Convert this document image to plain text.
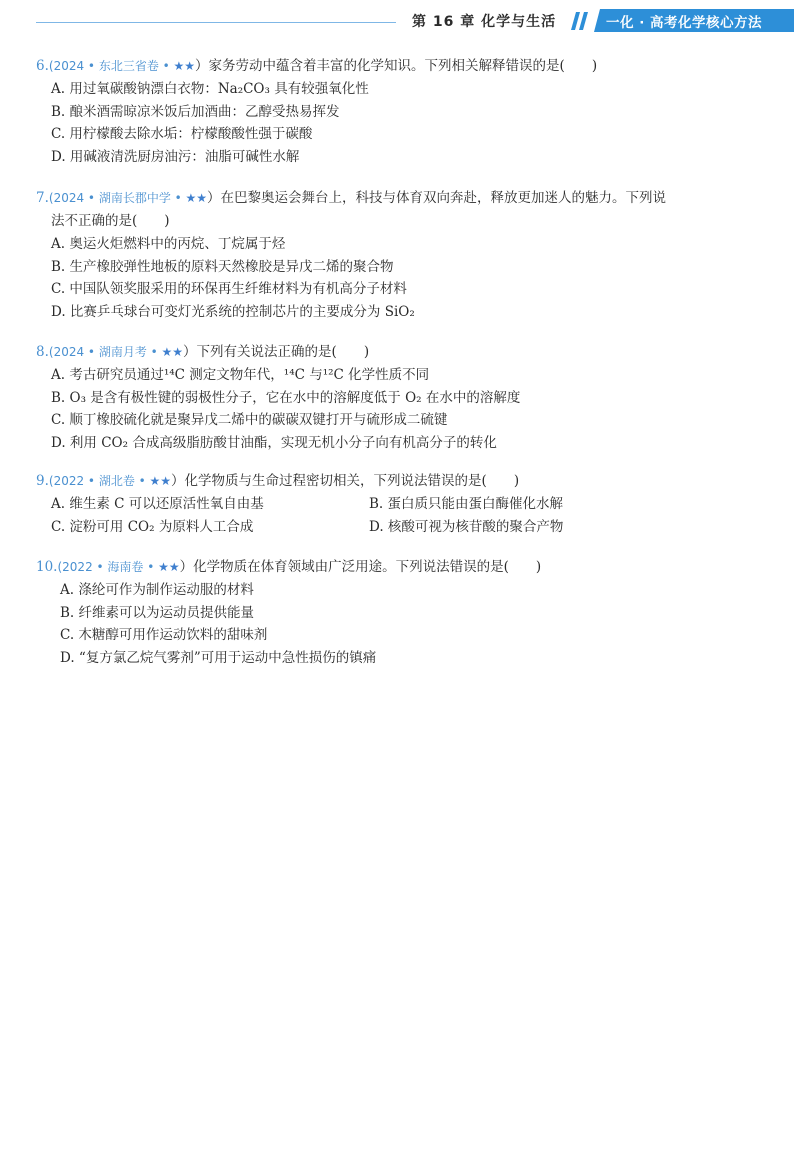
第 16 章 化学与生活	一化 · 高考化学核心方法
6.(2024 • 东北三省卷 • ★★）家务劳动中蕴含着丰富的化学知识。下列相关解释错误的是(　　)
A. 用过氧碳酸钠漂白衣物：Na₂CO₃ 具有较强氧化性
B. 酿米酒需晾凉米饭后加酒曲：乙醇受热易挥发
C. 用柠檬酸去除水垢：柠檬酸酸性强于碳酸
D. 用碱液清洗厨房油污：油脂可碱性水解
7.(2024 • 湖南长郡中学 • ★★）在巴黎奥运会舞台上，科技与体育双向奔赴，释放更加迷人的魅力。下列说
法不正确的是(　　)
A. 奥运火炬燃料中的丙烷、丁烷属于烃
B. 生产橡胶弹性地板的原料天然橡胶是异戊二烯的聚合物
C. 中国队领奖服采用的环保再生纤维材料为有机高分子材料
D. 比赛乒乓球台可变灯光系统的控制芯片的主要成分为 SiO₂
8.(2024 • 湖南月考 • ★★）下列有关说法正确的是(　　)
A. 考古研究员通过¹⁴C 测定文物年代，¹⁴C 与¹²C 化学性质不同
B. O₃ 是含有极性键的弱极性分子，它在水中的溶解度低于 O₂ 在水中的溶解度
C. 顺丁橡胶硫化就是聚异戊二烯中的碳碳双键打开与硫形成二硫键
D. 利用 CO₂ 合成高级脂肪酸甘油酯，实现无机小分子向有机高分子的转化
9.(2022 • 湖北卷 • ★★）化学物质与生命过程密切相关，下列说法错误的是(　　)
A. 维生素 C 可以还原活性氧自由基	B. 蛋白质只能由蛋白酶催化水解
C. 淀粉可用 CO₂ 为原料人工合成	D. 核酸可视为核苷酸的聚合产物
10.(2022 • 海南卷 • ★★）化学物质在体育领域由广泛用途。下列说法错误的是(　　)
A. 涤纶可作为制作运动服的材料
B. 纤维素可以为运动员提供能量
C. 木糖醇可用作运动饮料的甜味剂
D. “复方氯乙烷气雾剂”可用于运动中急性损伤的镇痛
